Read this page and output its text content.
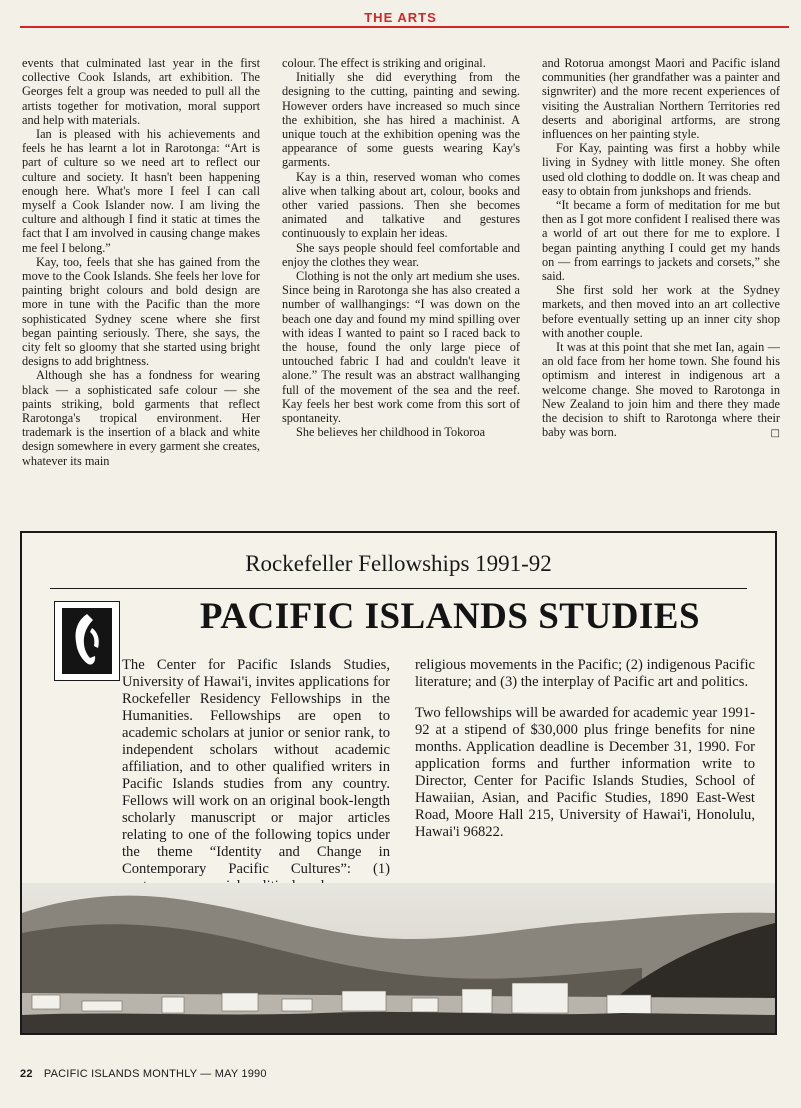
THE ARTS

events that culminated last year in the first collective Cook Islands, art exhibition. The Georges felt a group was needed to pull all the artists together for motivation, moral support and help with materials.

Ian is pleased with his achievements and feels he has learnt a lot in Rarotonga: “Art is part of culture so we need art to reflect our culture and society. It hasn't been happening enough here. What's more I feel I can call myself a Cook Islander now. I am living the culture and although I find it static at times the fact that I am involved in causing change makes me feel I belong.”

Kay, too, feels that she has gained from the move to the Cook Islands. She feels her love for painting bright colours and bold design are more in tune with the Pacific than the more sophisticated Sydney scene where she first began painting seriously. There, she says, the city felt so gloomy that she started using bright designs to add brightness.

Although she has a fondness for wearing black — a sophisticated safe colour — she paints striking, bold garments that reflect Rarotonga's tropical environment. Her trademark is the insertion of a black and white design somewhere in every garment she creates, whatever its main

colour. The effect is striking and original.

Initially she did everything from the designing to the cutting, painting and sewing. However orders have increased so much since the exhibition, she has hired a machinist. A unique touch at the exhibition opening was the appearance of some guests wearing Kay's garments.

Kay is a thin, reserved woman who comes alive when talking about art, colour, books and other varied passions. Then she becomes animated and talkative and gestures continuously to explain her ideas.

She says people should feel comfortable and enjoy the clothes they wear.

Clothing is not the only art medium she uses. Since being in Rarotonga she has also created a number of wallhangings: “I was down on the beach one day and found my mind spilling over with ideas I wanted to paint so I raced back to the house, found the only large piece of untouched fabric I had and couldn't leave it alone.” The result was an abstract wallhanging full of the movement of the sea and the reef. Kay feels her best work come from this sort of spontaneity.

She believes her childhood in Tokoroa

and Rotorua amongst Maori and Pacific island communities (her grandfather was a painter and signwriter) and the more recent experiences of visiting the Australian Northern Territories red deserts and aboriginal artforms, are strong influences on her painting style.

For Kay, painting was first a hobby while living in Sydney with little money. She often used old clothing to doddle on. It was cheap and easy to obtain from junkshops and friends.

“It became a form of meditation for me but then as I got more confident I realised there was a world of art out there for me to explore. I began painting anything I could get my hands on — from earrings to jackets and corsets,” she said.

She first sold her work at the Sydney markets, and then moved into an art collective before eventually setting up an inner city shop with another couple.

It was at this point that she met Ian, again — an old face from her home town. She found his optimism and interest in indigenous art a welcome change. She moved to Rarotonga in New Zealand to join him and there they made the decision to shift to Rarotonga where their baby was born.	□

Rockefeller Fellowships 1991-92
PACIFIC ISLANDS STUDIES

The Center for Pacific Islands Studies, University of Hawai'i, invites applications for Rockefeller Residency Fellowships in the Humanities. Fellowships are open to academic scholars at junior or senior rank, to independent scholars without academic affiliation, and to other qualified writers in Pacific Islands studies from any country. Fellows will work on an original book-length scholarly manuscript or major articles relating to one of the following topics under the theme “Identity and Change in Contemporary Pacific Cultures”: (1)

religious movements in the Pacific; (2) indigenous Pacific literature; and (3) the interplay of Pacific art and politics.

Two fellowships will be awarded for academic year 1991-92 at a stipend of $30,000 plus fringe benefits for nine months. Application deadline is December 31, 1990. For application forms and further information write to Director, Center for Pacific Islands Studies, School of Hawaiian, Asian, and Pacific Studies, 1890 East-West Road, Moore Hall 215, University of Hawai'i, Honolulu, Hawai'i 96822.

22 PACIFIC ISLANDS MONTHLY — MAY 1990
